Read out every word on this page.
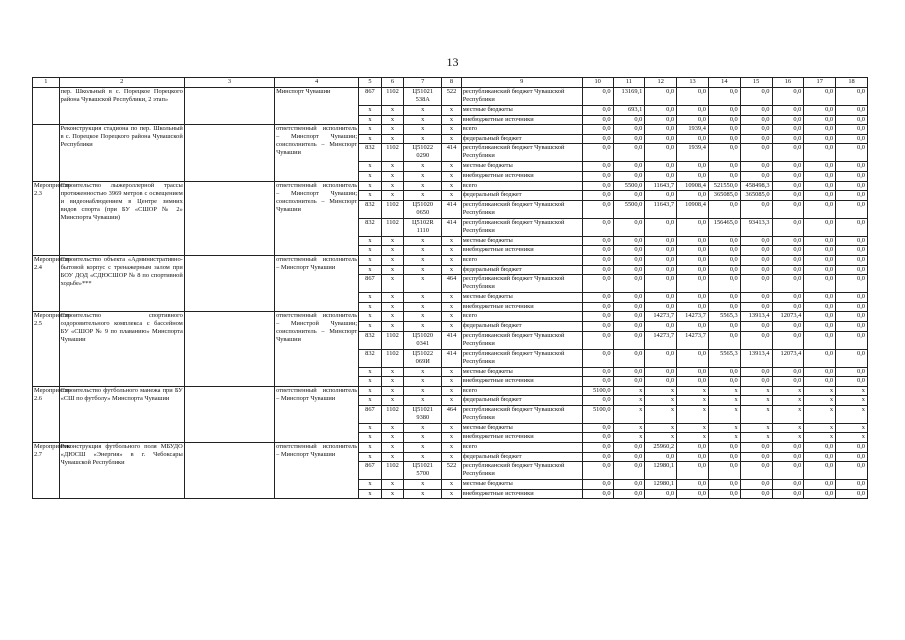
13
1	2	3	4	5	6	7	8	9	10	11	12	13	14	15	16	17	18
	пер. Школьный в с. Порецкое Порецкого района Чувашской Республики, 2 этап»		Минспорт Чувашии	867	1102	Ц51021 538А	522	республиканский бюджет Чувашской Республики	0,0	13169,1	0,0	0,0	0,0	0,0	0,0	0,0	0,0
				x	x	x	x	местные бюджеты	0,0	693,1	0,0	0,0	0,0	0,0	0,0	0,0	0,0
				x	x	x	x	внебюджетные источники	0,0	0,0	0,0	0,0	0,0	0,0	0,0	0,0	0,0
	Реконструкция стадиона по пер. Школьный в с. Порецкое Порецкого района Чувашской Республики		ответственный исполнитель – Минспорт Чувашии; соисполнитель – Минспорт Чувашии	x	x	x	x	всего	0,0	0,0	0,0	1939,4	0,0	0,0	0,0	0,0	0,0
				x	x	x	x	федеральный бюджет	0,0	0,0	0,0	0,0	0,0	0,0	0,0	0,0	0,0
				832	1102	Ц51022 0290	414	республиканский бюджет Чувашской Республики	0,0	0,0	0,0	1939,4	0,0	0,0	0,0	0,0	0,0
				x	x	x	x	местные бюджеты	0,0	0,0	0,0	0,0	0,0	0,0	0,0	0,0	0,0
				x	x	x	x	внебюджетные источники	0,0	0,0	0,0	0,0	0,0	0,0	0,0	0,0	0,0
Мероприятие 2.3	Строительство лыжероллерной трассы протяженностью 3969 метров с освещением и видеонаблюдением в Центре зимних видов спорта (при БУ «СШОР № 2» Минспорта Чувашии)		ответственный исполнитель – Минспорт Чувашии; соисполнитель – Минспорт Чувашии	x	x	x	x	всего	0,0	5500,0	11643,7	10908,4	521550,0	458498,3	0,0	0,0	0,0
				x	x	x	x	федеральный бюджет	0,0	0,0	0,0	0,0	365085,0	365085,0	0,0	0,0	0,0
				832	1102	Ц51020 0650	414	республиканский бюджет Чувашской Республики	0,0	5500,0	11643,7	10908,4	0,0	0,0	0,0	0,0	0,0
				832	1102	Ц5102R 1110	414	республиканский бюджет Чувашской Республики	0,0	0,0	0,0	0,0	156465,0	93413,3	0,0	0,0	0,0
				x	x	x	x	местные бюджеты	0,0	0,0	0,0	0,0	0,0	0,0	0,0	0,0	0,0
				x	x	x	x	внебюджетные источники	0,0	0,0	0,0	0,0	0,0	0,0	0,0	0,0	0,0
Мероприятие 2.4	Строительство объекта «Административно-бытовой корпус с тренажерным залом при БОУ ДОД «СДЮСШОР № 8 по спортивной ходьбе»***		ответственный исполнитель – Минспорт Чувашии	x	x	x	x	всего	0,0	0,0	0,0	0,0	0,0	0,0	0,0	0,0	0,0
				x	x	x	x	федеральный бюджет	0,0	0,0	0,0	0,0	0,0	0,0	0,0	0,0	0,0
				867	x	x	464	республиканский бюджет Чувашской Республики	0,0	0,0	0,0	0,0	0,0	0,0	0,0	0,0	0,0
				x	x	x	x	местные бюджеты	0,0	0,0	0,0	0,0	0,0	0,0	0,0	0,0	0,0
				x	x	x	x	внебюджетные источники	0,0	0,0	0,0	0,0	0,0	0,0	0,0	0,0	0,0
Мероприятие 2.5	Строительство спортивного оздоровительного комплекса с бассейном БУ «СШОР № 9 по плаванию» Минспорта Чувашии		ответственный исполнитель – Минстрой Чувашии; соисполнитель – Минспорт Чувашии	x	x	x	x	всего	0,0	0,0	14273,7	14273,7	5565,3	13913,4	12073,4	0,0	0,0
				x	x	x	x	федеральный бюджет	0,0	0,0	0,0	0,0	0,0	0,0	0,0	0,0	0,0
				832	1102	Ц51020 0341	414	республиканский бюджет Чувашской Республики	0,0	0,0	14273,7	14273,7	0,0	0,0	0,0	0,0	0,0
				832	1102	Ц51022 069И	414	республиканский бюджет Чувашской Республики	0,0	0,0	0,0	0,0	5565,3	13913,4	12073,4	0,0	0,0
				x	x	x	x	местные бюджеты	0,0	0,0	0,0	0,0	0,0	0,0	0,0	0,0	0,0
				x	x	x	x	внебюджетные источники	0,0	0,0	0,0	0,0	0,0	0,0	0,0	0,0	0,0
Мероприятие 2.6	Строительство футбольного манежа при БУ «СШ по футболу» Минспорта Чувашии		ответственный исполнитель – Минспорт Чувашии	x	x	x	x	всего	5100,0	x	x	x	x	x	x	x	x
				x	x	x	x	федеральный бюджет	0,0	x	x	x	x	x	x	x	x
				867	1102	Ц51021 9380	464	республиканский бюджет Чувашской Республики	5100,0	x	x	x	x	x	x	x	x
				x	x	x	x	местные бюджеты	0,0	x	x	x	x	x	x	x	x
				x	x	x	x	внебюджетные источники	0,0	x	x	x	x	x	x	x	x
Мероприятие 2.7	Реконструкция футбольного поля МБУДО «ДЮСШ «Энергия» в г. Чебоксары Чувашской Республики		ответственный исполнитель – Минспорт Чувашии	x	x	x	x	всего	0,0	0,0	25960,2	0,0	0,0	0,0	0,0	0,0	0,0
				x	x	x	x	федеральный бюджет	0,0	0,0	0,0	0,0	0,0	0,0	0,0	0,0	0,0
				867	1102	Ц51021 5700	522	республиканский бюджет Чувашской Республики	0,0	0,0	12980,1	0,0	0,0	0,0	0,0	0,0	0,0
				x	x	x	x	местные бюджеты	0,0	0,0	12980,1	0,0	0,0	0,0	0,0	0,0	0,0
				x	x	x	x	внебюджетные источники	0,0	0,0	0,0	0,0	0,0	0,0	0,0	0,0	0,0
